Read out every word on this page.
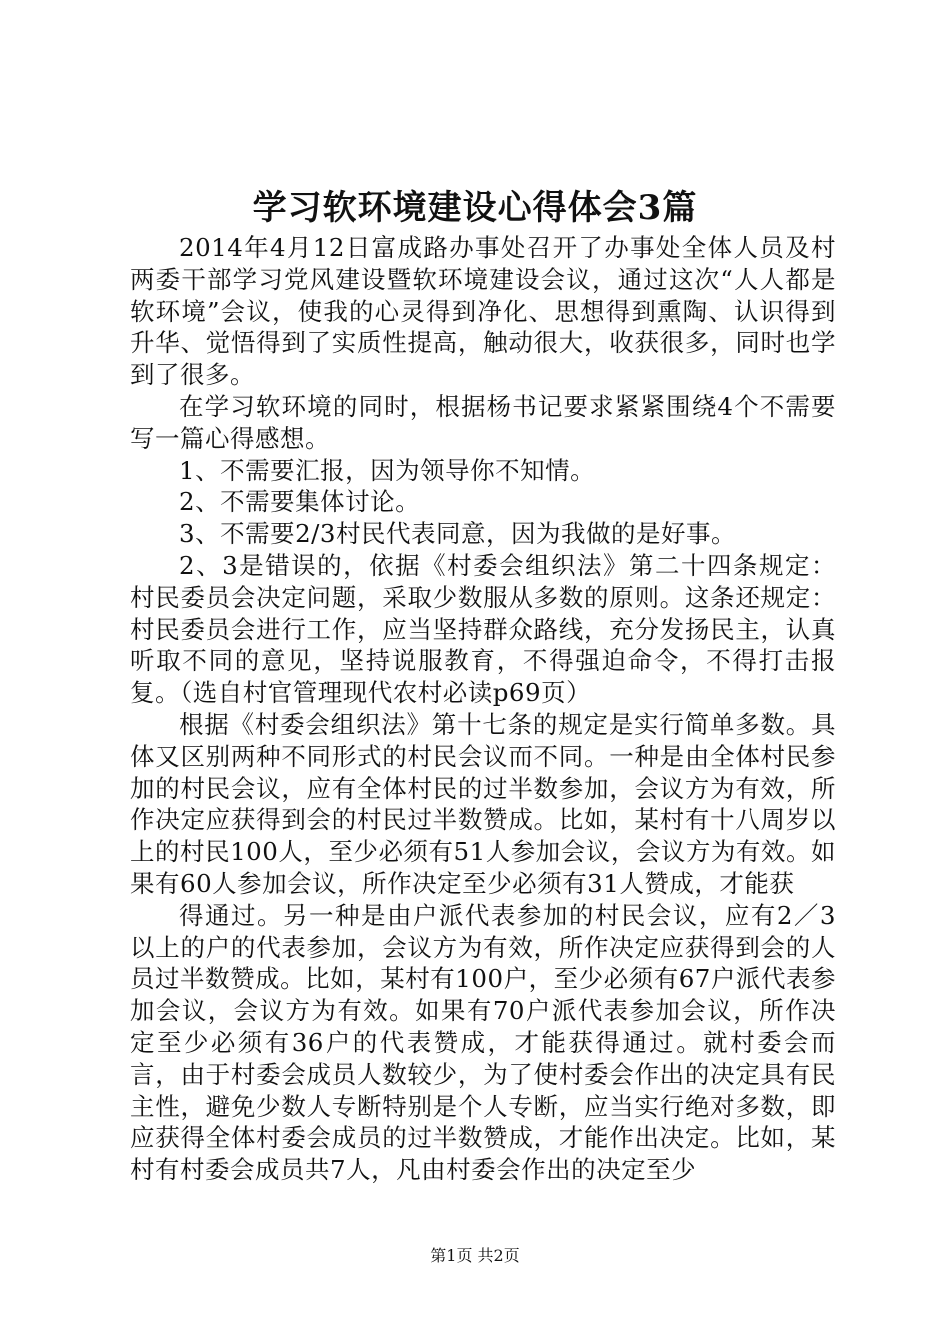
学习软环境建设心得体会3篇

2014年4月12日富成路办事处召开了办事处全体人员及村两委干部学习党风建设暨软环境建设会议，通过这次“人人都是软环境”会议，使我的心灵得到净化、思想得到熏陶、认识得到升华、觉悟得到了实质性提高，触动很大，收获很多，同时也学到了很多。

在学习软环境的同时，根据杨书记要求紧紧围绕4个不需要写一篇心得感想。

1、不需要汇报，因为领导你不知情。

2、不需要集体讨论。

3、不需要2/3村民代表同意，因为我做的是好事。

2、3是错误的，依据《村委会组织法》第二十四条规定：村民委员会决定问题，采取少数服从多数的原则。这条还规定：村民委员会进行工作，应当坚持群众路线，充分发扬民主，认真听取不同的意见，坚持说服教育，不得强迫命令，不得打击报复。（选自村官管理现代农村必读p69页）

根据《村委会组织法》第十七条的规定是实行简单多数。具体又区别两种不同形式的村民会议而不同。一种是由全体村民参加的村民会议，应有全体村民的过半数参加，会议方为有效，所作决定应获得到会的村民过半数赞成。比如，某村有十八周岁以上的村民100人，至少必须有51人参加会议，会议方为有效。如果有60人参加会议，所作决定至少必须有31人赞成，才能获

得通过。另一种是由户派代表参加的村民会议，应有2／3以上的户的代表参加，会议方为有效，所作决定应获得到会的人员过半数赞成。比如，某村有100户，至少必须有67户派代表参加会议，会议方为有效。如果有70户派代表参加会议，所作决定至少必须有36户的代表赞成，才能获得通过。就村委会而言，由于村委会成员人数较少，为了使村委会作出的决定具有民主性，避免少数人专断特别是个人专断，应当实行绝对多数，即应获得全体村委会成员的过半数赞成，才能作出决定。比如，某村有村委会成员共7人，凡由村委会作出的决定至少

第1页 共2页
